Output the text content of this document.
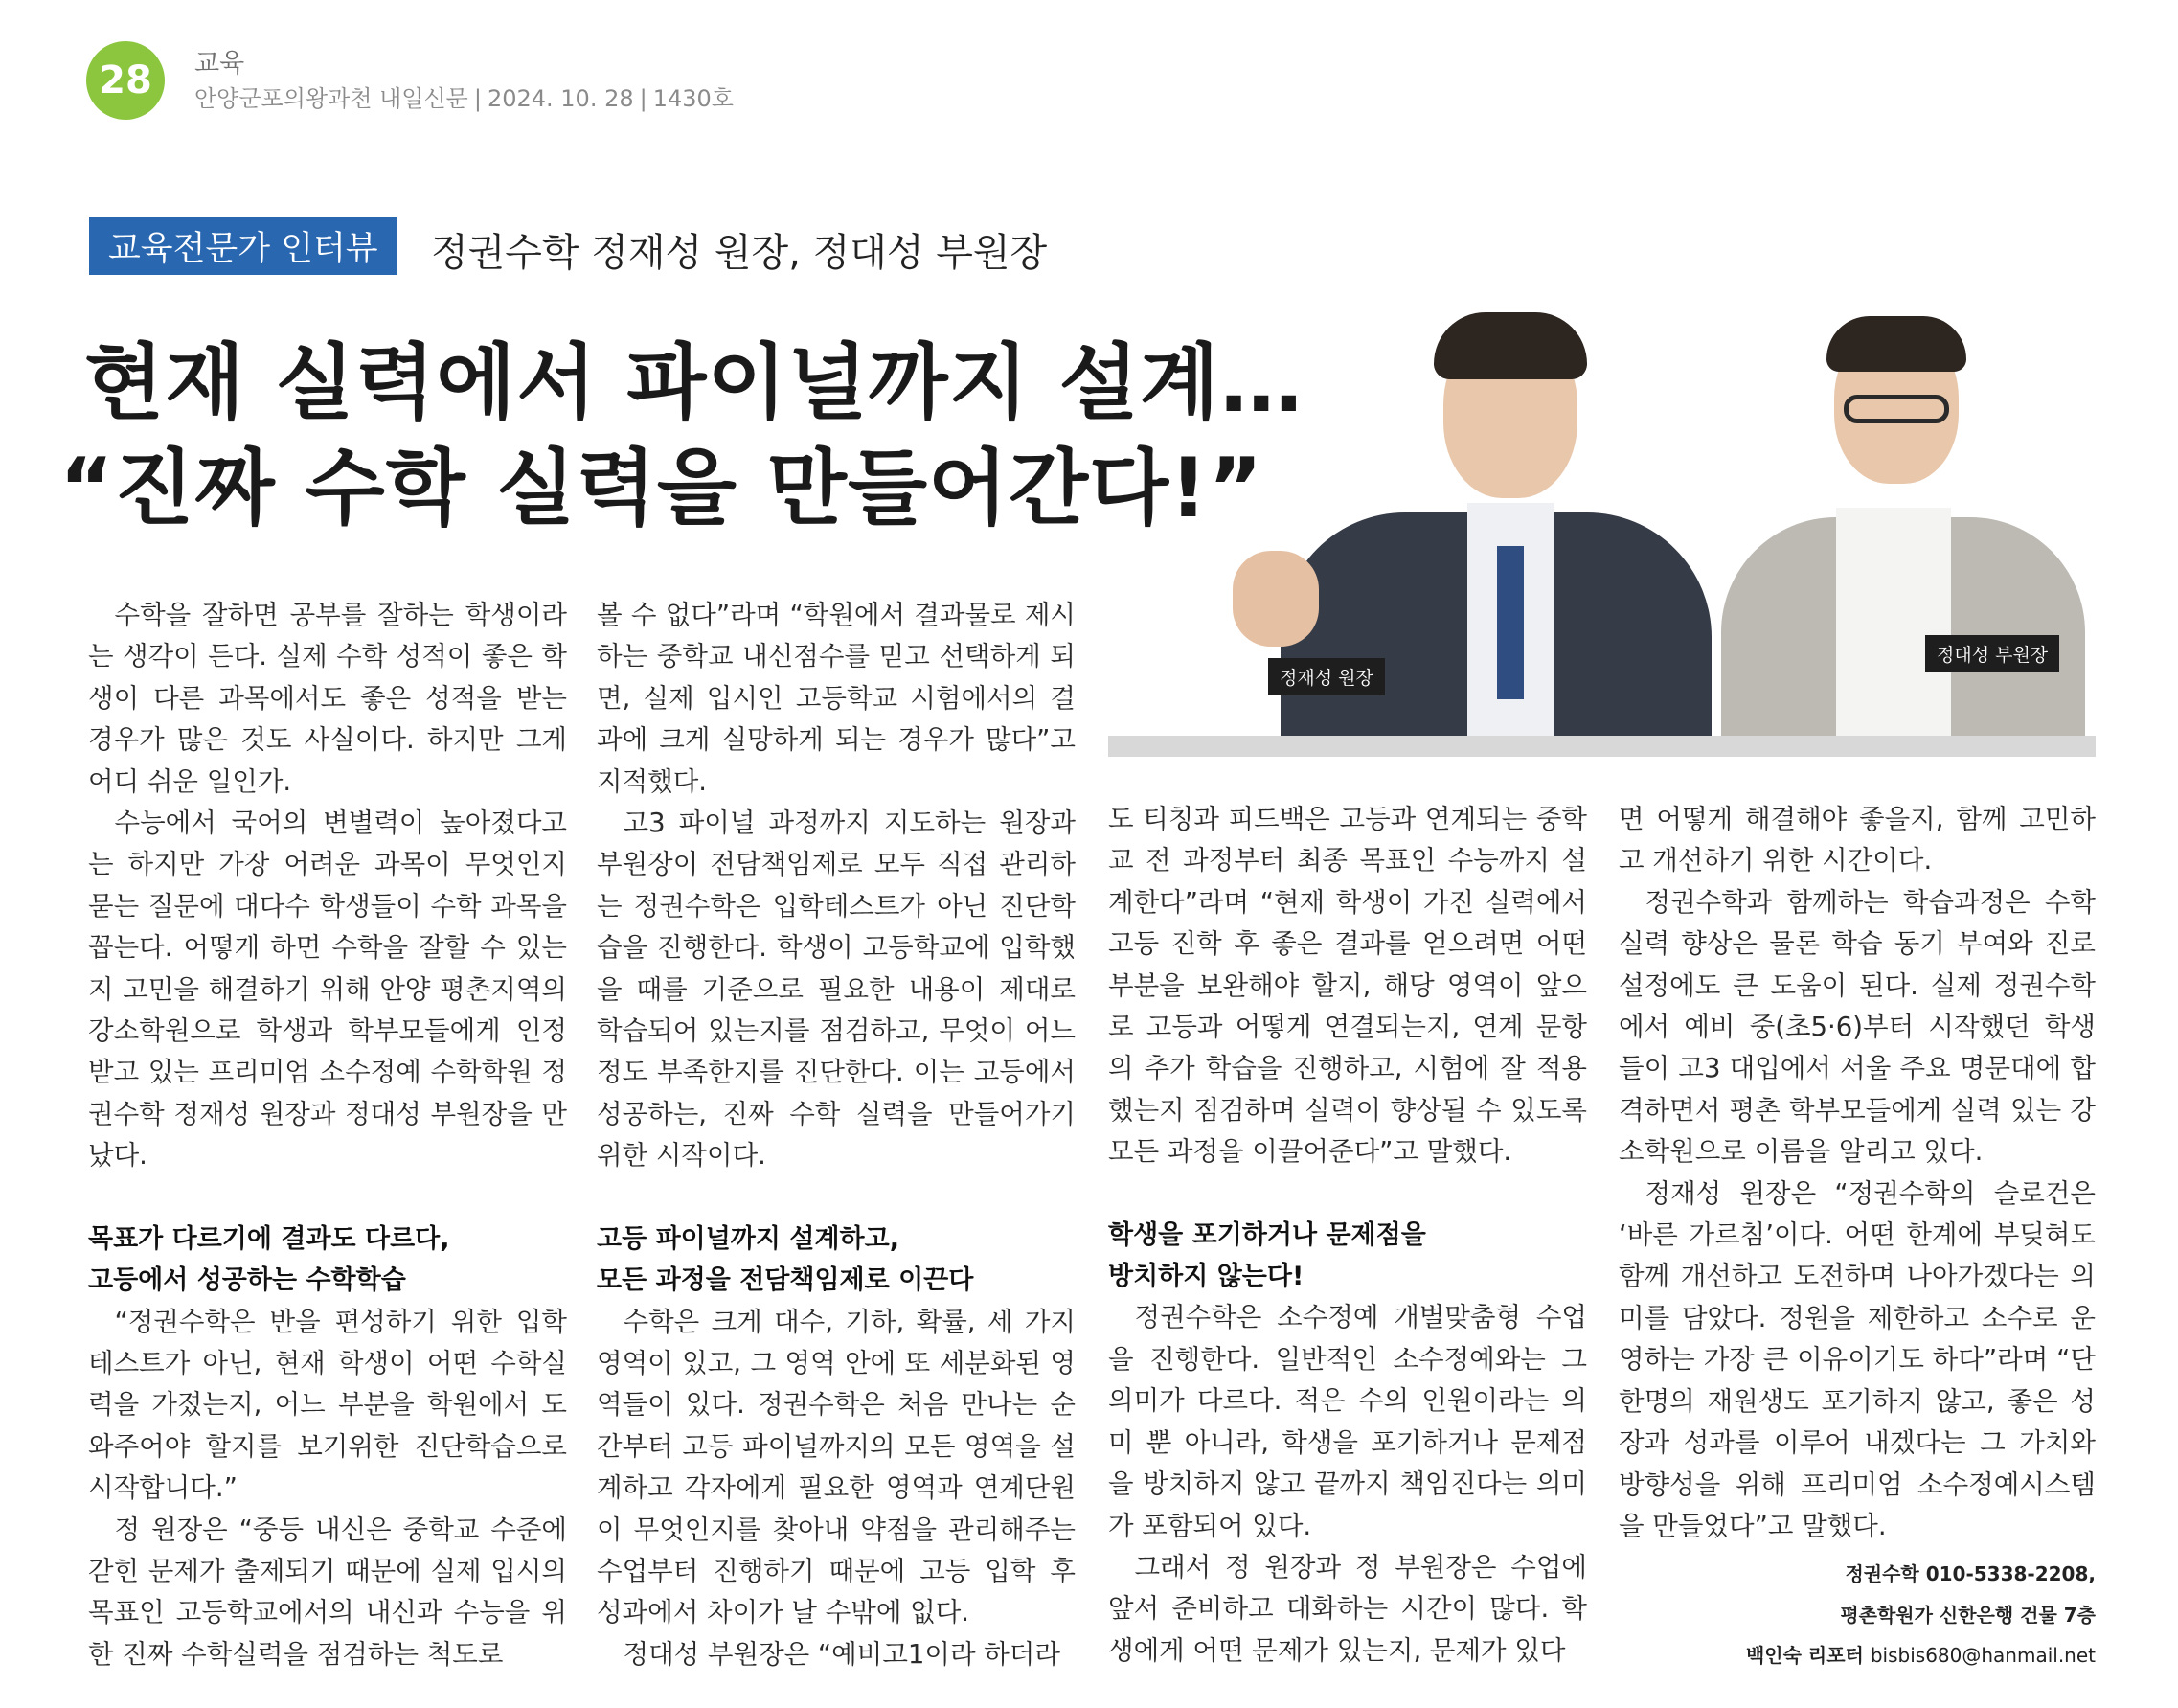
28	교육
안양군포의왕과천 내일신문 | 2024. 10. 28 | 1430호
교육전문가 인터뷰	정권수학 정재성 원장, 정대성 부원장
현재 실력에서 파이널까지 설계…
“진짜 수학 실력을 만들어간다!”
정대성 부원장
정재성 원장

수학을 잘하면 공부를 잘하는 학생이라는 생각이 든다. 실제 수학 성적이 좋은 학생이 다른 과목에서도 좋은 성적을 받는 경우가 많은 것도 사실이다. 하지만 그게 어디 쉬운 일인가.

수능에서 국어의 변별력이 높아졌다고는 하지만 가장 어려운 과목이 무엇인지 묻는 질문에 대다수 학생들이 수학 과목을 꼽는다. 어떻게 하면 수학을 잘할 수 있는지 고민을 해결하기 위해 안양 평촌지역의 강소학원으로 학생과 학부모들에게 인정받고 있는 프리미엄 소수정예 수학학원 정권수학 정재성 원장과 정대성 부원장을 만났다.

목표가 다르기에 결과도 다르다,
고등에서 성공하는 수학학습

“정권수학은 반을 편성하기 위한 입학테스트가 아닌, 현재 학생이 어떤 수학실력을 가졌는지, 어느 부분을 학원에서 도와주어야 할지를 보기위한 진단학습으로 시작합니다.”

정 원장은 “중등 내신은 중학교 수준에 갇힌 문제가 출제되기 때문에 실제 입시의 목표인 고등학교에서의 내신과 수능을 위한 진짜 수학실력을 점검하는 척도로

볼 수 없다”라며 “학원에서 결과물로 제시하는 중학교 내신점수를 믿고 선택하게 되면, 실제 입시인 고등학교 시험에서의 결과에 크게 실망하게 되는 경우가 많다”고 지적했다.

고3 파이널 과정까지 지도하는 원장과 부원장이 전담책임제로 모두 직접 관리하는 정권수학은 입학테스트가 아닌 진단학습을 진행한다. 학생이 고등학교에 입학했을 때를 기준으로 필요한 내용이 제대로 학습되어 있는지를 점검하고, 무엇이 어느 정도 부족한지를 진단한다. 이는 고등에서 성공하는, 진짜 수학 실력을 만들어가기 위한 시작이다.

고등 파이널까지 설계하고,
모든 과정을 전담책임제로 이끈다

수학은 크게 대수, 기하, 확률, 세 가지 영역이 있고, 그 영역 안에 또 세분화된 영역들이 있다. 정권수학은 처음 만나는 순간부터 고등 파이널까지의 모든 영역을 설계하고 각자에게 필요한 영역과 연계단원이 무엇인지를 찾아내 약점을 관리해주는 수업부터 진행하기 때문에 고등 입학 후 성과에서 차이가 날 수밖에 없다.

정대성 부원장은 “예비고1이라 하더라

도 티칭과 피드백은 고등과 연계되는 중학교 전 과정부터 최종 목표인 수능까지 설계한다”라며 “현재 학생이 가진 실력에서 고등 진학 후 좋은 결과를 얻으려면 어떤 부분을 보완해야 할지, 해당 영역이 앞으로 고등과 어떻게 연결되는지, 연계 문항의 추가 학습을 진행하고, 시험에 잘 적용했는지 점검하며 실력이 향상될 수 있도록 모든 과정을 이끌어준다”고 말했다.

학생을 포기하거나 문제점을
방치하지 않는다!

정권수학은 소수정예 개별맞춤형 수업을 진행한다. 일반적인 소수정예와는 그 의미가 다르다. 적은 수의 인원이라는 의미 뿐 아니라, 학생을 포기하거나 문제점을 방치하지 않고 끝까지 책임진다는 의미가 포함되어 있다.

그래서 정 원장과 정 부원장은 수업에 앞서 준비하고 대화하는 시간이 많다. 학생에게 어떤 문제가 있는지, 문제가 있다

면 어떻게 해결해야 좋을지, 함께 고민하고 개선하기 위한 시간이다.

정권수학과 함께하는 학습과정은 수학실력 향상은 물론 학습 동기 부여와 진로설정에도 큰 도움이 된다. 실제 정권수학에서 예비 중(초5·6)부터 시작했던 학생들이 고3 대입에서 서울 주요 명문대에 합격하면서 평촌 학부모들에게 실력 있는 강소학원으로 이름을 알리고 있다.

정재성 원장은 “정권수학의 슬로건은 ‘바른 가르침’이다. 어떤 한계에 부딪혀도 함께 개선하고 도전하며 나아가겠다는 의미를 담았다. 정원을 제한하고 소수로 운영하는 가장 큰 이유이기도 하다”라며 “단 한명의 재원생도 포기하지 않고, 좋은 성장과 성과를 이루어 내겠다는 그 가치와 방향성을 위해 프리미엄 소수정예시스템을 만들었다”고 말했다.

정권수학 010-5338-2208,
평촌학원가 신한은행 건물 7층
백인숙 리포터 bisbis680@hanmail.net
